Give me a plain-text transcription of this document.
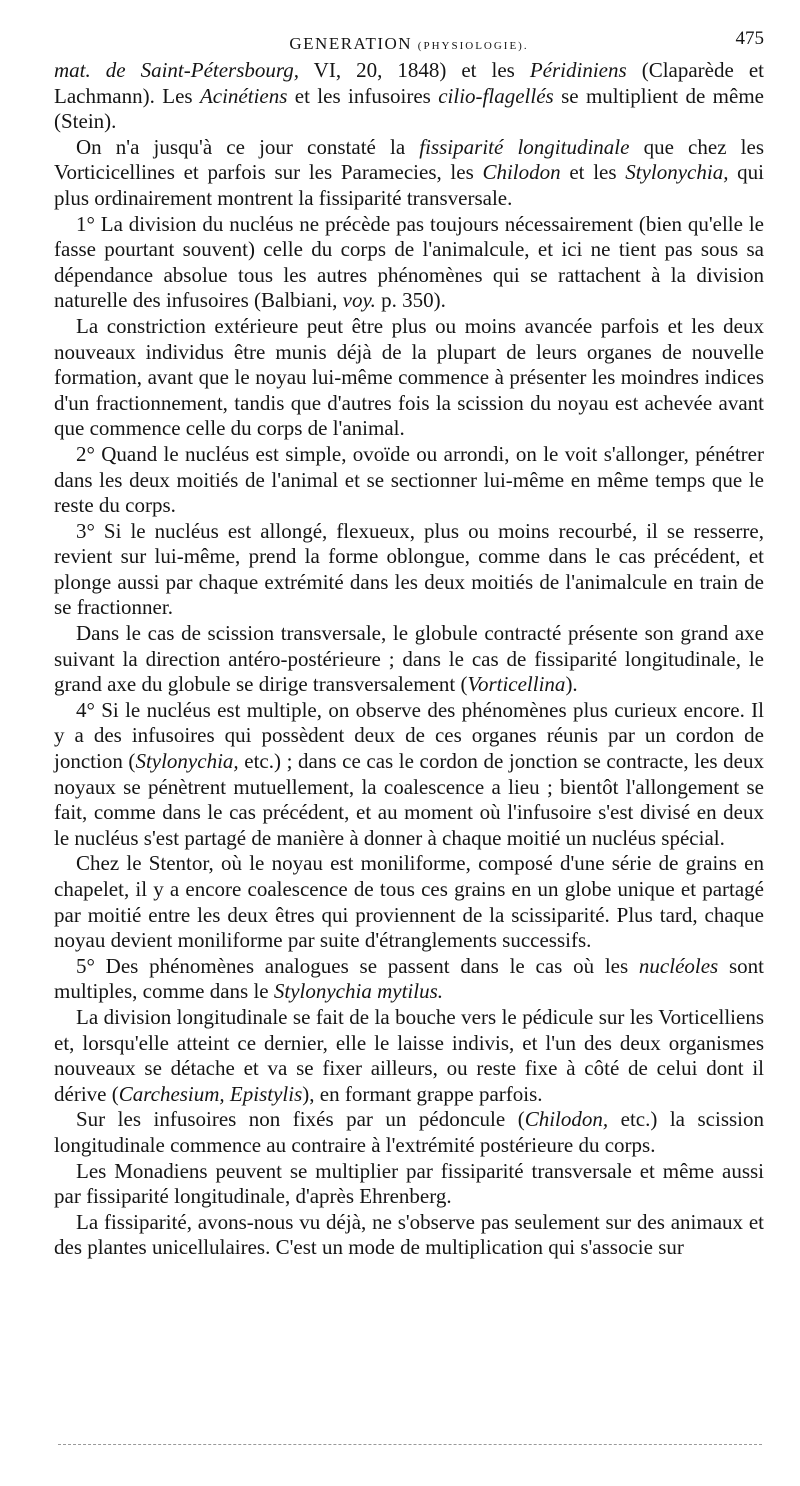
GENERATION (PHYSIOLOGIE).	475

mat. de Saint-Pétersbourg, VI, 20, 1848) et les Péridiniens (Claparède et Lachmann). Les Acinétiens et les infusoires cilio-flagellés se multiplient de même (Stein).

On n'a jusqu'à ce jour constaté la fissiparité longitudinale que chez les Vorticicellines et parfois sur les Paramecies, les Chilodon et les Stylonychia, qui plus ordinairement montrent la fissiparité transversale.

1° La division du nucléus ne précède pas toujours nécessairement (bien qu'elle le fasse pourtant souvent) celle du corps de l'animalcule, et ici ne tient pas sous sa dépendance absolue tous les autres phénomènes qui se rattachent à la division naturelle des infusoires (Balbiani, voy. p. 350).

La constriction extérieure peut être plus ou moins avancée parfois et les deux nouveaux individus être munis déjà de la plupart de leurs organes de nouvelle formation, avant que le noyau lui-même commence à présenter les moindres indices d'un fractionnement, tandis que d'autres fois la scission du noyau est achevée avant que commence celle du corps de l'animal.

2° Quand le nucléus est simple, ovoïde ou arrondi, on le voit s'allonger, pénétrer dans les deux moitiés de l'animal et se sectionner lui-même en même temps que le reste du corps.

3° Si le nucléus est allongé, flexueux, plus ou moins recourbé, il se resserre, revient sur lui-même, prend la forme oblongue, comme dans le cas précédent, et plonge aussi par chaque extrémité dans les deux moitiés de l'animalcule en train de se fractionner.

Dans le cas de scission transversale, le globule contracté présente son grand axe suivant la direction antéro-postérieure ; dans le cas de fissiparité longitudinale, le grand axe du globule se dirige transversalement (Vorticellina).

4° Si le nucléus est multiple, on observe des phénomènes plus curieux encore. Il y a des infusoires qui possèdent deux de ces organes réunis par un cordon de jonction (Stylonychia, etc.) ; dans ce cas le cordon de jonction se contracte, les deux noyaux se pénètrent mutuellement, la coalescence a lieu ; bientôt l'allongement se fait, comme dans le cas précédent, et au moment où l'infusoire s'est divisé en deux le nucléus s'est partagé de manière à donner à chaque moitié un nucléus spécial.

Chez le Stentor, où le noyau est moniliforme, composé d'une série de grains en chapelet, il y a encore coalescence de tous ces grains en un globe unique et partagé par moitié entre les deux êtres qui proviennent de la scissiparité. Plus tard, chaque noyau devient moniliforme par suite d'étranglements successifs.

5° Des phénomènes analogues se passent dans le cas où les nucléoles sont multiples, comme dans le Stylonychia mytilus.

La division longitudinale se fait de la bouche vers le pédicule sur les Vorticelliens et, lorsqu'elle atteint ce dernier, elle le laisse indivis, et l'un des deux organismes nouveaux se détache et va se fixer ailleurs, ou reste fixe à côté de celui dont il dérive (Carchesium, Epistylis), en formant grappe parfois.

Sur les infusoires non fixés par un pédoncule (Chilodon, etc.) la scission longitudinale commence au contraire à l'extrémité postérieure du corps.

Les Monadiens peuvent se multiplier par fissiparité transversale et même aussi par fissiparité longitudinale, d'après Ehrenberg.

La fissiparité, avons-nous vu déjà, ne s'observe pas seulement sur des animaux et des plantes unicellulaires. C'est un mode de multiplication qui s'associe sur
